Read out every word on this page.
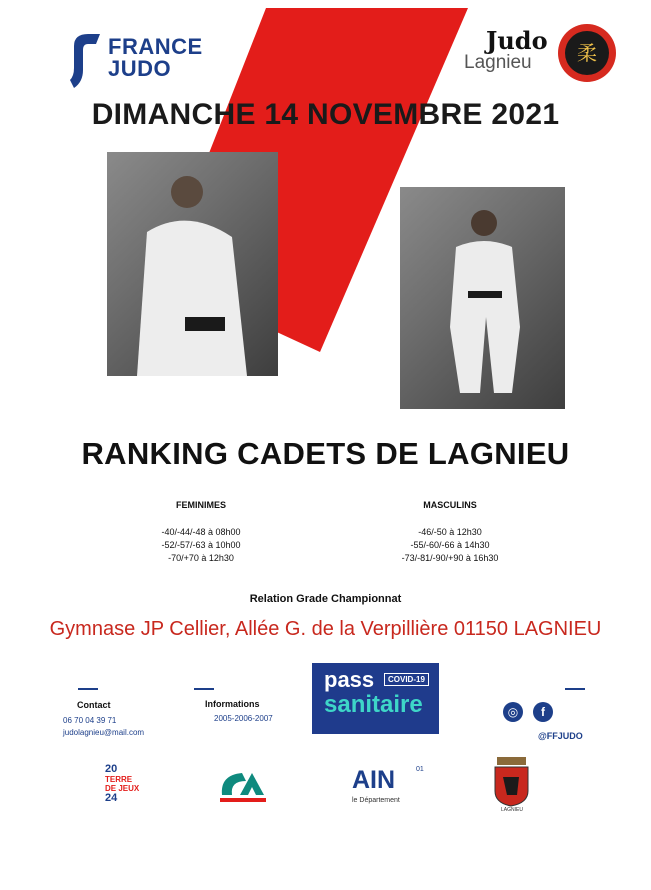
FRANCE
JUDO
Judo
Lagnieu 柔
DIMANCHE 14 NOVEMBRE 2021
RANKING CADETS DE LAGNIEU
FEMINIMES
-40/-44/-48 à 08h00
-52/-57/-63 à 10h00
-70/+70 à 12h30
MASCULINS
-46/-50 à 12h30
-55/-60/-66 à 14h30
-73/-81/-90/+90 à 16h30
Relation Grade Championnat
Gymnase JP Cellier, Allée G. de la Verpillière 01150 LAGNIEU
Contact
06 70 04 39 71
judolagnieu@mail.com
Informations
2005-2006-2007
pass	COVID-19
sanitaire	◎	f
@FFJUDO
20
TERRE
DE JEUX
24
AIN	01
le Département
LAGNIEU
